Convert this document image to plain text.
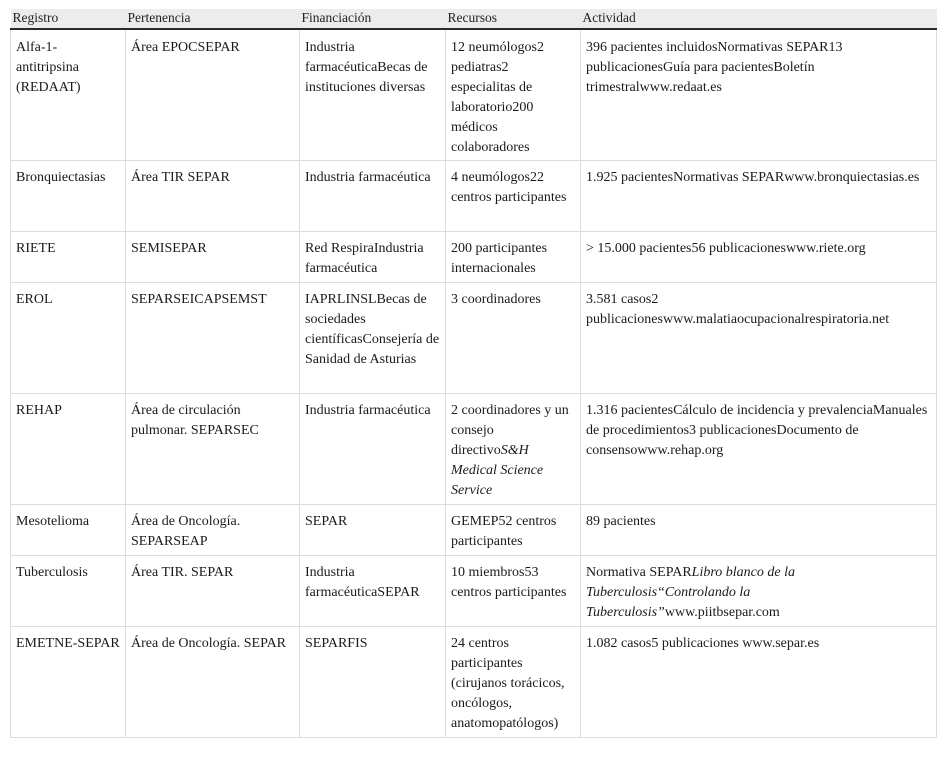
Registro	Pertenencia	Financiación	Recursos	Actividad
Alfa-1-antitripsina (REDAAT)	Área EPOCSEPAR	Industria farmacéuticaBecas de instituciones diversas	12 neumólogos2 pediatras2 especialitas de laboratorio200 médicos colaboradores	396 pacientes incluidosNormativas SEPAR13 publicacionesGuía para pacientesBoletín trimestralwww.redaat.es
Bronquiectasias	Área TIR SEPAR	Industria farmacéutica	4 neumólogos22 centros participantes	1.925 pacientesNormativas SEPARwww.bronquiectasias.es
RIETE	SEMISEPAR	Red RespiraIndustria farmacéutica	200 participantes internacionales	> 15.000 pacientes56 publicacioneswww.riete.org
EROL	SEPARSEICAPSEMST	IAPRLINSLBecas de sociedades científicasConsejería de Sanidad de Asturias	3 coordinadores	3.581 casos2 publicacioneswww.malatiaocupacionalrespiratoria.net
REHAP	Área de circulación pulmonar. SEPARSEC	Industria farmacéutica	2 coordinadores y un consejo directivoS&H Medical Science Service	1.316 pacientesCálculo de incidencia y prevalenciaManuales de procedimientos3 publicacionesDocumento de consensowww.rehap.org
Mesotelioma	Área de Oncología. SEPARSEAP	SEPAR	GEMEP52 centros participantes	89 pacientes
Tuberculosis	Área TIR. SEPAR	Industria farmacéuticaSEPAR	10 miembros53 centros participantes	Normativa SEPARLibro blanco de la Tuberculosis“Controlando la Tuberculosis”www.piitbsepar.com
EMETNE-SEPAR	Área de Oncología. SEPAR	SEPARFIS	24 centros participantes (cirujanos torácicos, oncólogos, anatomopatólogos)	1.082 casos5 publicaciones www.separ.es
